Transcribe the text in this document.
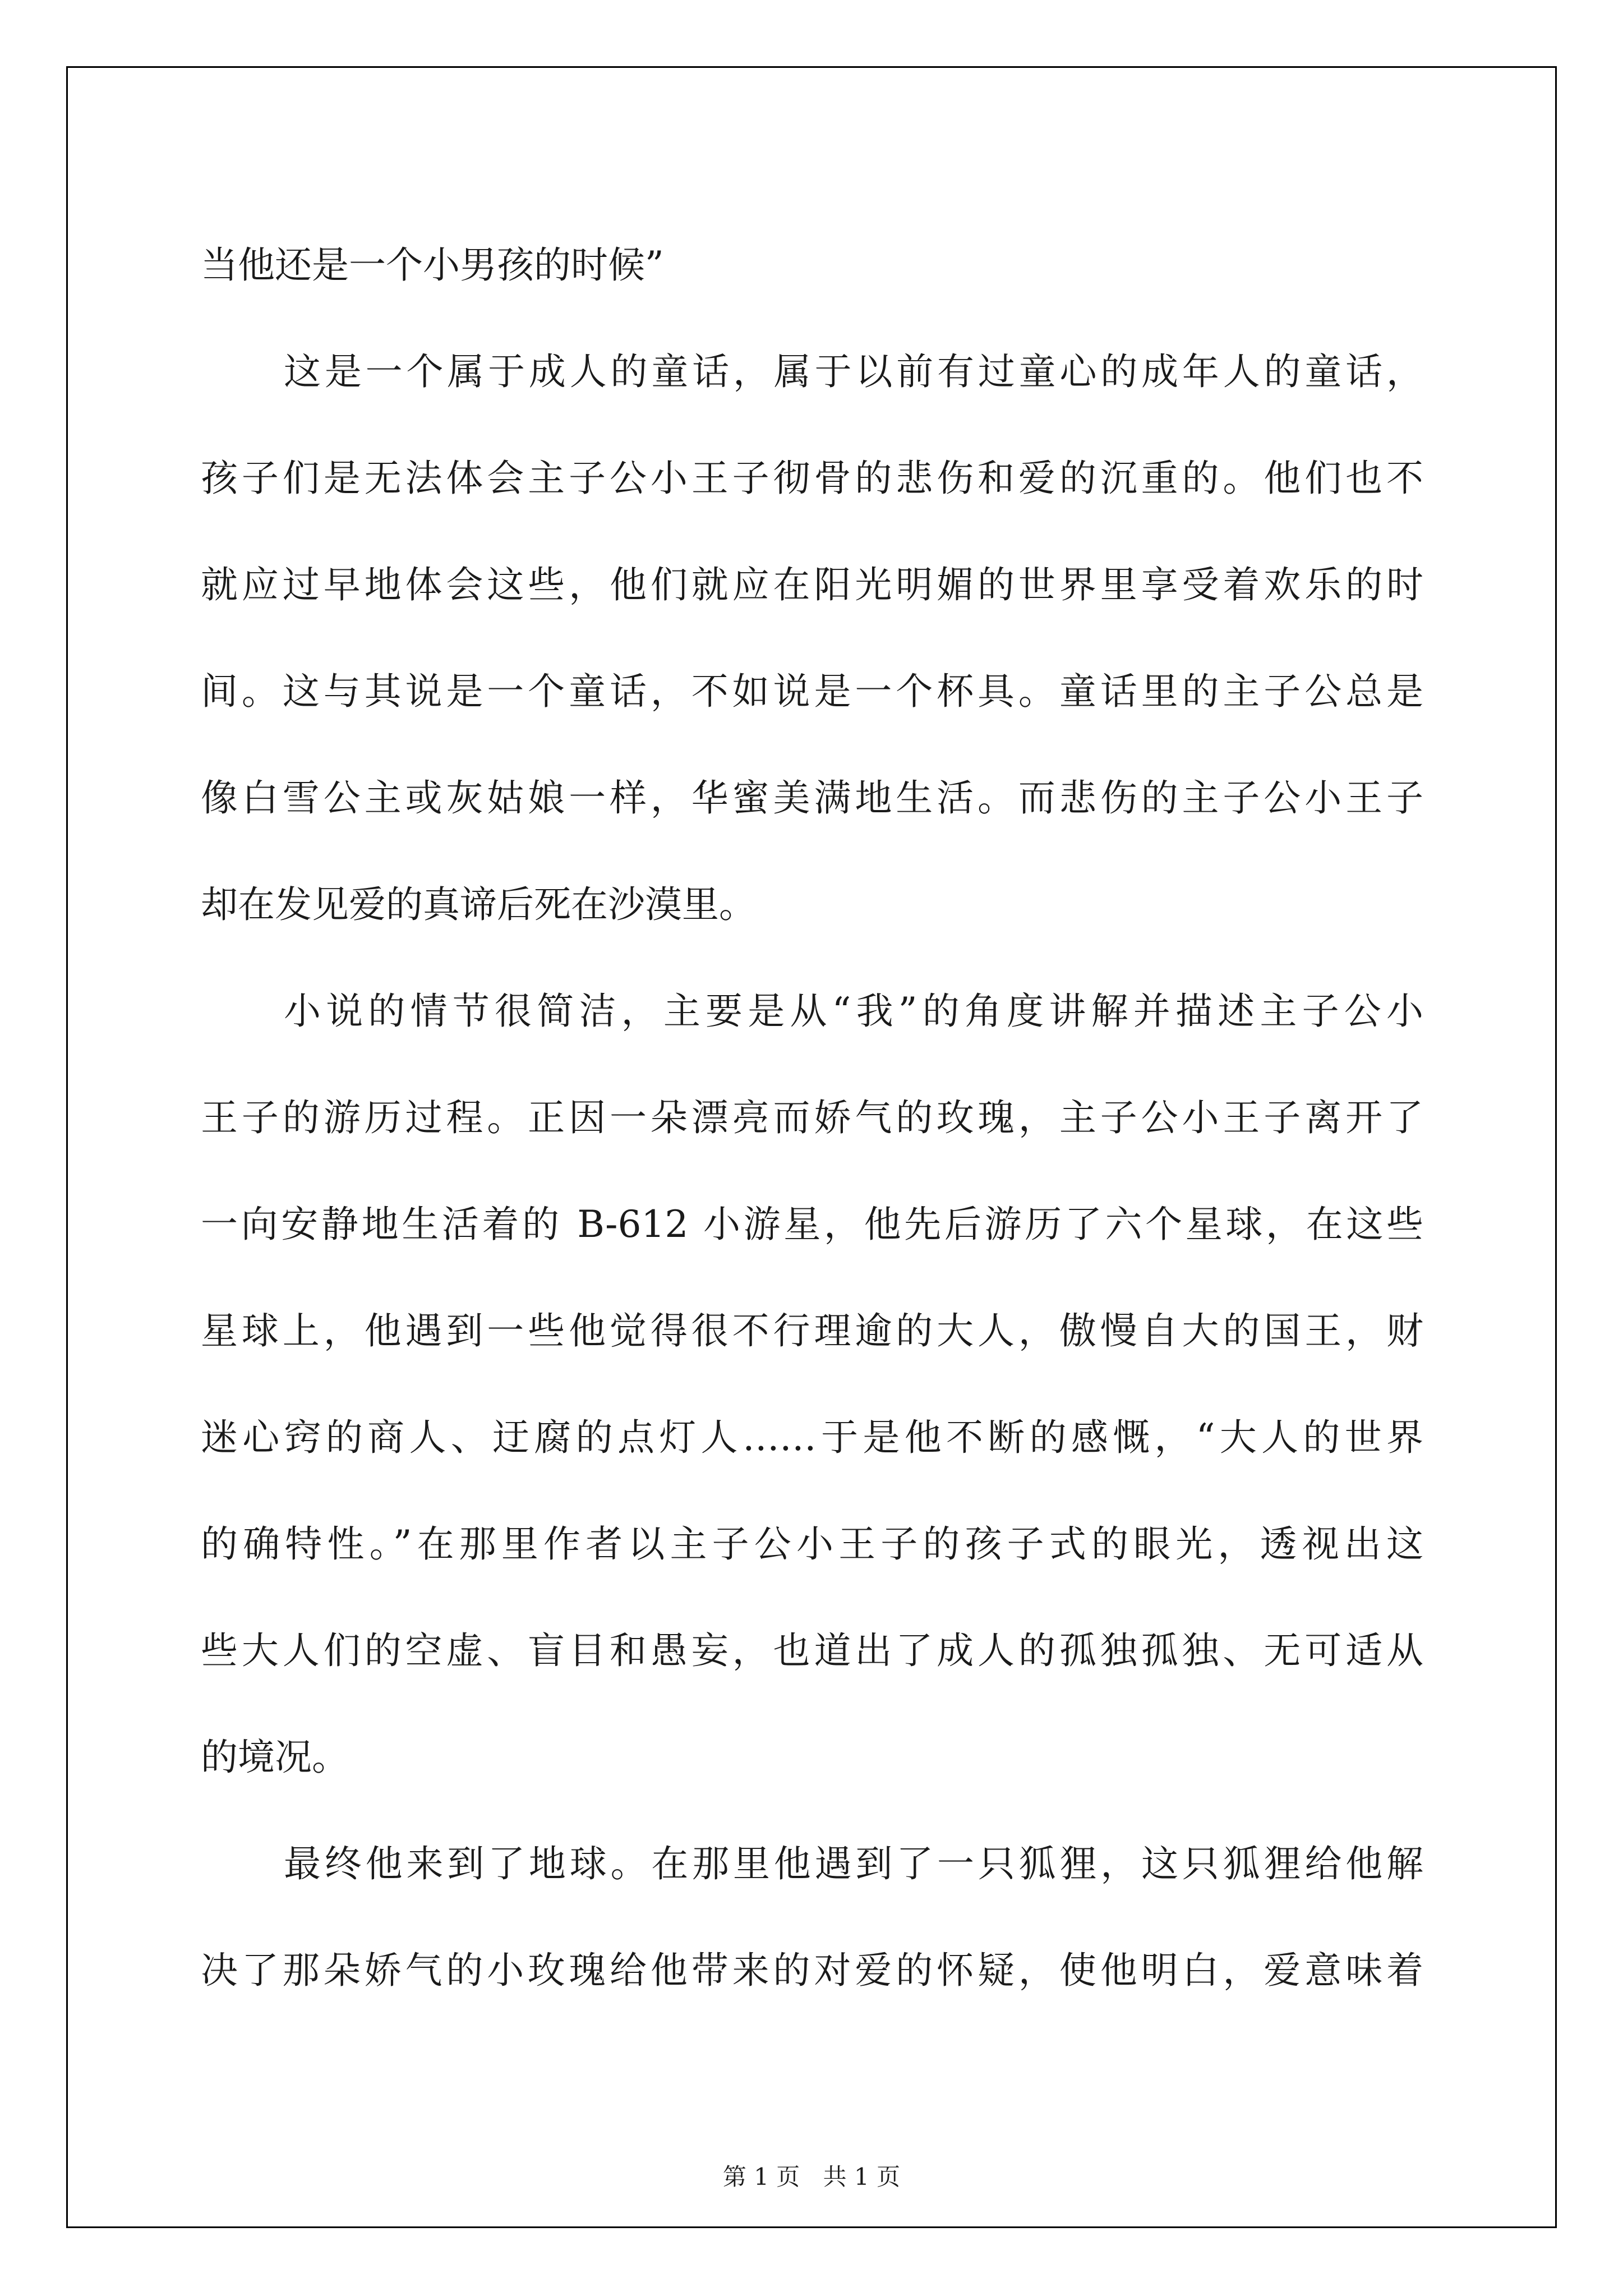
当他还是一个小男孩的时候”
这是一个属于成人的童话，属于以前有过童心的成年人的童话，
孩子们是无法体会主子公小王子彻骨的悲伤和爱的沉重的。他们也不
就应过早地体会这些，他们就应在阳光明媚的世界里享受着欢乐的时
间。这与其说是一个童话，不如说是一个杯具。童话里的主子公总是
像白雪公主或灰姑娘一样，华蜜美满地生活。而悲伤的主子公小王子
却在发见爱的真谛后死在沙漠里。
小说的情节很简洁，主要是从“我”的角度讲解并描述主子公小
王子的游历过程。正因一朵漂亮而娇气的玫瑰，主子公小王子离开了
一向安静地生活着的 B-612 小游星，他先后游历了六个星球，在这些
星球上，他遇到一些他觉得很不行理逾的大人，傲慢自大的国王，财
迷心窍的商人、迂腐的点灯人……于是他不断的感慨，“大人的世界
的确特性。”在那里作者以主子公小王子的孩子式的眼光，透视出这
些大人们的空虚、盲目和愚妄，也道出了成人的孤独孤独、无可适从
的境况。
最终他来到了地球。在那里他遇到了一只狐狸，这只狐狸给他解
决了那朵娇气的小玫瑰给他带来的对爱的怀疑，使他明白，爱意味着
第 1 页 共 1 页
